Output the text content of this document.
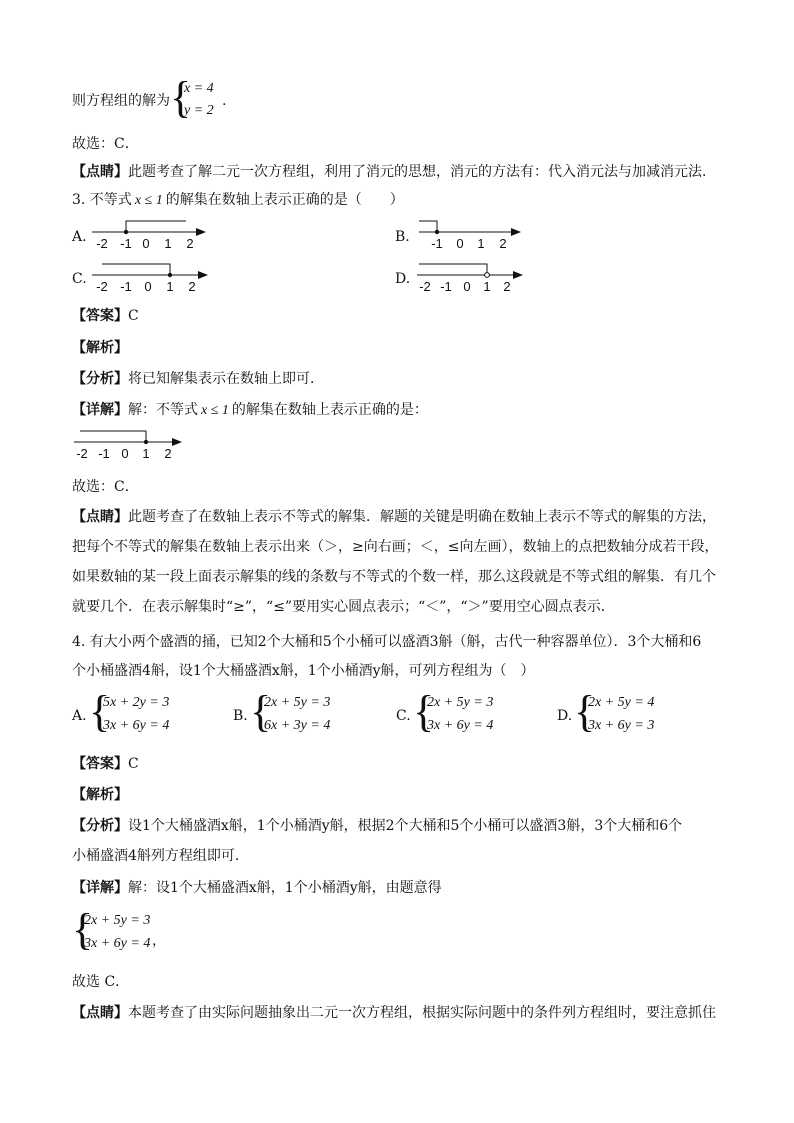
则方程组的解为 {
x = 4
y = 2
.
故选：C．
【点睛】此题考查了解二元一次方程组，利用了消元的思想，消元的方法有：代入消元法与加减消元法．
3. 不等式 x ≤ 1 的解集在数轴上表示正确的是（　　）
A. -2 -1 0 1 2	B. -1 0 1 2
C. -2 -1 0 1 2	D. -2 -1 0 1 2
【答案】C
【解析】
【分析】将已知解集表示在数轴上即可．
【详解】解：不等式 x ≤ 1 的解集在数轴上表示正确的是：
-2 -1 0 1 2
故选：C．
【点睛】此题考查了在数轴上表示不等式的解集．解题的关键是明确在数轴上表示不等式的解集的方法，
把每个不等式的解集在数轴上表示出来（＞，≥向右画；＜，≤向左画），数轴上的点把数轴分成若干段，
如果数轴的某一段上面表示解集的线的条数与不等式的个数一样，那么这段就是不等式组的解集．有几个
就要几个．在表示解集时“≥”，“≤”要用实心圆点表示；“＜”，“＞”要用空心圆点表示．
4. 有大小两个盛酒的捅，已知2个大桶和5个小桶可以盛酒3斛（斛，古代一种容器单位）．3个大桶和6
个小桶盛酒4斛，设1个大桶盛酒x斛，1个小桶酒y斛，可列方程组为（　）
A. {
5x + 2y = 3
3x + 6y = 4
B. {
2x + 5y = 3
6x + 3y = 4
C. {
2x + 5y = 3
3x + 6y = 4
D. {
2x + 5y = 4
3x + 6y = 3
【答案】C
【解析】
【分析】设1个大桶盛酒x斛，1个小桶酒y斛，根据2个大桶和5个小桶可以盛酒3斛，3个大桶和6个
小桶盛酒4斛列方程组即可．
【详解】解：设1个大桶盛酒x斛，1个小桶酒y斛，由题意得
{
2x + 5y = 3
3x + 6y = 4 ，
故选 C．
【点睛】本题考查了由实际问题抽象出二元一次方程组，根据实际问题中的条件列方程组时，要注意抓住
